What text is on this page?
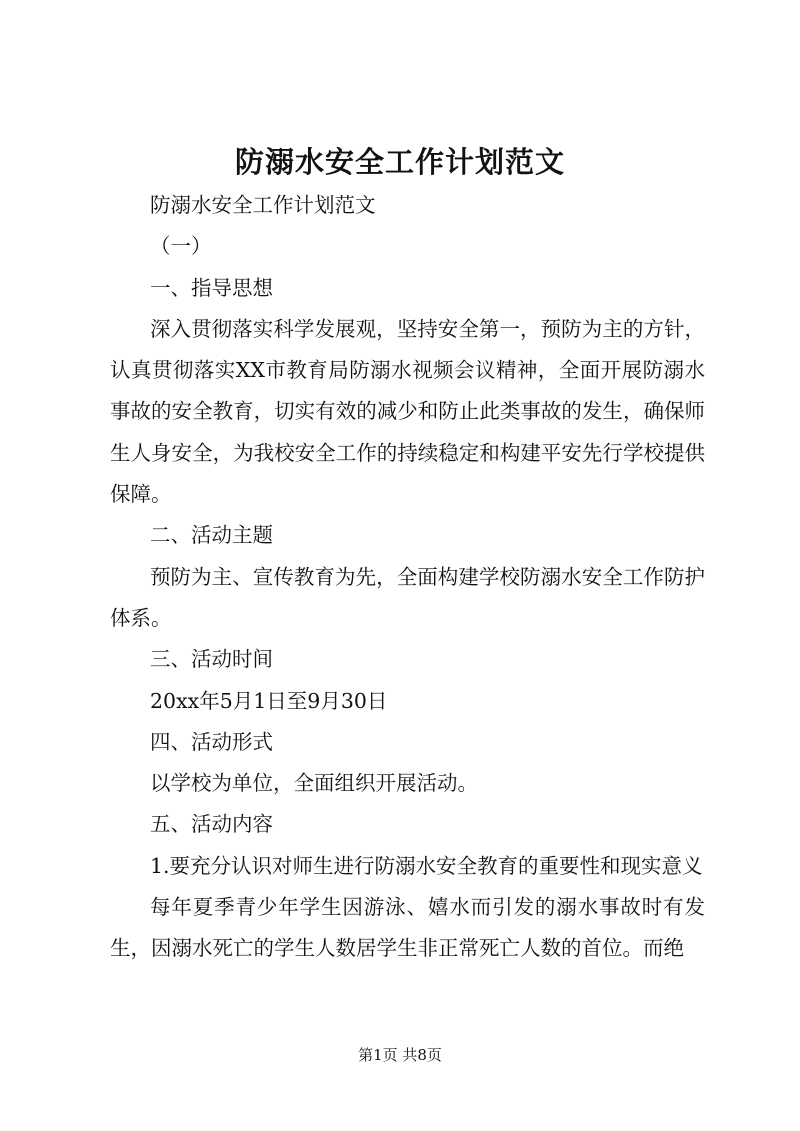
防溺水安全工作计划范文

防溺水安全工作计划范文

（一）

一、指导思想

深入贯彻落实科学发展观，坚持安全第一，预防为主的方针，认真贯彻落实XX市教育局防溺水视频会议精神，全面开展防溺水事故的安全教育，切实有效的减少和防止此类事故的发生，确保师生人身安全，为我校安全工作的持续稳定和构建平安先行学校提供保障。

二、活动主题

预防为主、宣传教育为先，全面构建学校防溺水安全工作防护体系。

三、活动时间

20xx年5月1日至9月30日

四、活动形式

以学校为单位，全面组织开展活动。

五、活动内容

1.要充分认识对师生进行防溺水安全教育的重要性和现实意义

每年夏季青少年学生因游泳、嬉水而引发的溺水事故时有发生，因溺水死亡的学生人数居学生非正常死亡人数的首位。而绝

第1页 共8页
